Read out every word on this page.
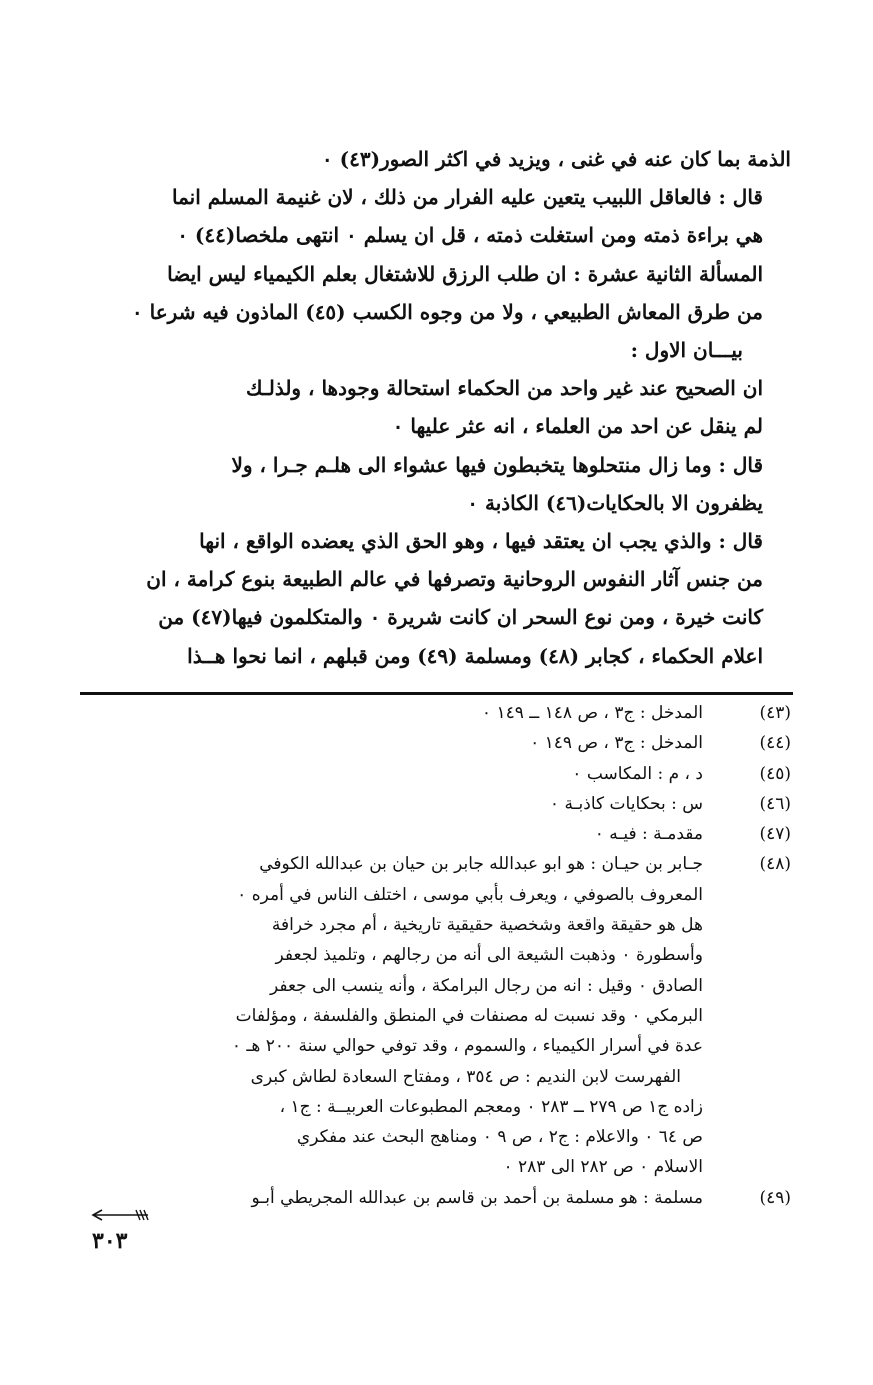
الذمة بما كان عنه في غنى ، ويزيد في اكثر الصور(٤٣) ٠

قال : فالعاقل اللبيب يتعين عليه الفرار من ذلك ، لان غنيمة المسلم انما
هي براءة ذمته ومن استغلت ذمته ، قل ان يسلم ٠ انتهى ملخصا(٤٤) ٠

المسألة الثانية عشرة : ان طلب الرزق للاشتغال بعلم الكيمياء ليس ايضا
من طرق المعاش الطبيعي ، ولا من وجوه الكسب (٤٥) الماذون فيه شرعا ٠

بيـــان الاول :

ان الصحيح عند غير واحد من الحكماء استحالة وجودها ، ولذلـك
لم ينقل عن احد من العلماء ، انه عثر عليها ٠

قال : وما زال منتحلوها يتخبطون فيها عشواء الى هلـم جـرا ، ولا
يظفرون الا بالحكايات(٤٦) الكاذبة ٠

قال : والذي يجب ان يعتقد فيها ، وهو الحق الذي يعضده الواقع ، انها
من جنس آثار النفوس الروحانية وتصرفها في عالم الطبيعة بنوع كرامة ، ان
كانت خيرة ، ومن نوع السحر ان كانت شريرة ٠ والمتكلمون فيها(٤٧) من
اعلام الحكماء ، كجابر (٤٨) ومسلمة (٤٩) ومن قبلهم ، انما نحوا هــذا

(٤٣)
المدخل : ج٣ ، ص ١٤٨ ــ ١٤٩ ٠
(٤٤)
المدخل : ج٣ ، ص ١٤٩ ٠
(٤٥)
د ، م : المكاسب ٠
(٤٦)
س : بحكايات كاذبـة ٠
(٤٧)
مقدمـة : فيـه ٠
(٤٨)
جـابر بن حيـان : هو ابو عبدالله جابر بن حيان بن عبدالله الكوفي
المعروف بالصوفي ، ويعرف بأبي موسى ، اختلف الناس في أمره ٠
هل هو حقيقة واقعة وشخصية حقيقية تاريخية ، أم مجرد خرافة
وأسطورة ٠ وذهبت الشيعة الى أنه من رجالهم ، وتلميذ لجعفر
الصادق ٠ وقيل : انه من رجال البرامكة ، وأنه ينسب الى جعفر
البرمكي ٠ وقد نسبت له مصنفات في المنطق والفلسفة ، ومؤلفات
عدة في أسرار الكيمياء ، والسموم ، وقد توفي حوالي سنة ٢٠٠ هـ ٠
الفهرست لابن النديم : ص ٣٥٤ ، ومفتاح السعادة لطاش كبرى
زاده ج١ ص ٢٧٩ ــ ٢٨٣ ٠ ومعجم المطبوعات العربيــة : ج١ ،
ص ٦٤ ٠ والاعلام : ج٢ ، ص ٩ ٠ ومناهج البحث عند مفكري
الاسلام ٠ ص ٢٨٢ الى ٢٨٣ ٠
(٤٩)
مسلمة : هو مسلمة بن أحمد بن قاسم بن عبدالله المجريطي أبـو
٣٠٣
